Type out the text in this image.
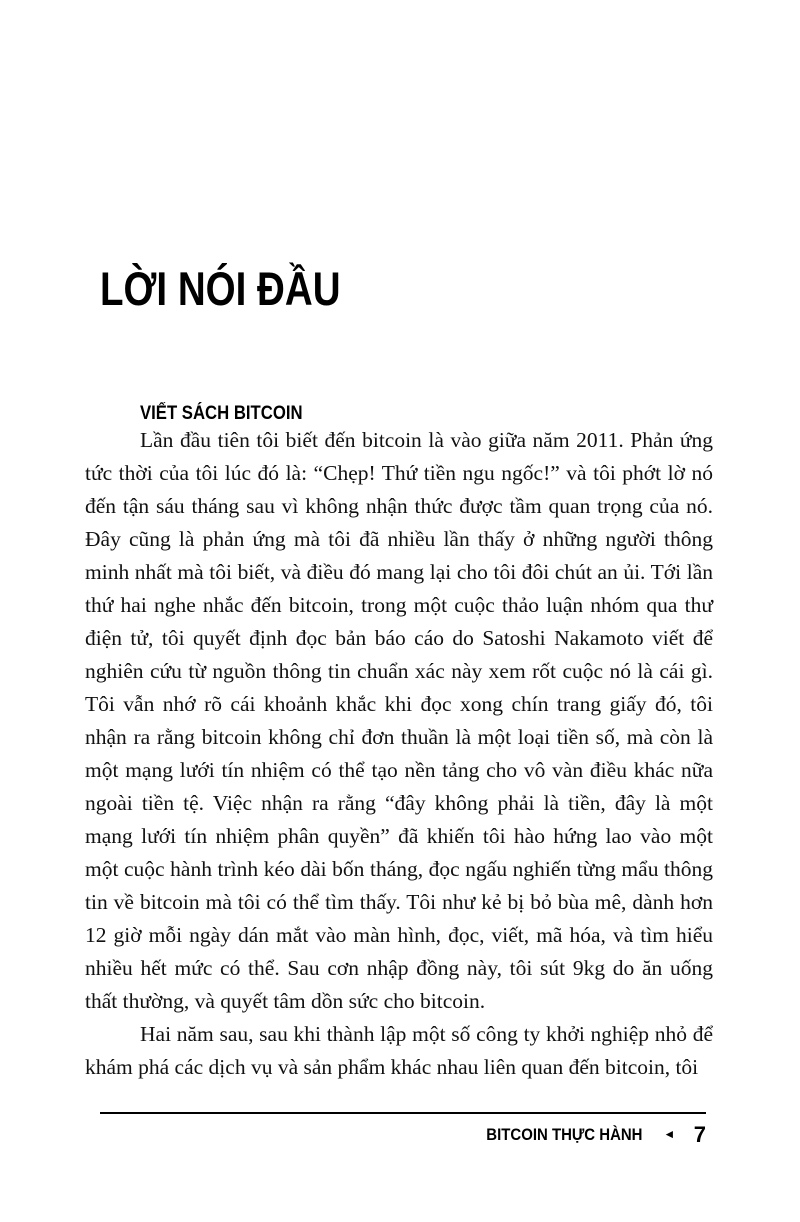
LỜI NÓI ĐẦU
VIẾT SÁCH BITCOIN

Lần đầu tiên tôi biết đến bitcoin là vào giữa năm 2011. Phản ứng tức thời của tôi lúc đó là: “Chẹp! Thứ tiền ngu ngốc!” và tôi phớt lờ nó đến tận sáu tháng sau vì không nhận thức được tầm quan trọng của nó. Đây cũng là phản ứng mà tôi đã nhiều lần thấy ở những người thông minh nhất mà tôi biết, và điều đó mang lại cho tôi đôi chút an ủi. Tới lần thứ hai nghe nhắc đến bitcoin, trong một cuộc thảo luận nhóm qua thư điện tử, tôi quyết định đọc bản báo cáo do Satoshi Nakamoto viết để nghiên cứu từ nguồn thông tin chuẩn xác này xem rốt cuộc nó là cái gì. Tôi vẫn nhớ rõ cái khoảnh khắc khi đọc xong chín trang giấy đó, tôi nhận ra rằng bitcoin không chỉ đơn thuần là một loại tiền số, mà còn là một mạng lưới tín nhiệm có thể tạo nền tảng cho vô vàn điều khác nữa ngoài tiền tệ. Việc nhận ra rằng “đây không phải là tiền, đây là một mạng lưới tín nhiệm phân quyền” đã khiến tôi hào hứng lao vào một một cuộc hành trình kéo dài bốn tháng, đọc ngấu nghiến từng mẩu thông tin về bitcoin mà tôi có thể tìm thấy. Tôi như kẻ bị bỏ bùa mê, dành hơn 12 giờ mỗi ngày dán mắt vào màn hình, đọc, viết, mã hóa, và tìm hiểu nhiều hết mức có thể. Sau cơn nhập đồng này, tôi sút 9kg do ăn uống thất thường, và quyết tâm dồn sức cho bitcoin.

Hai năm sau, sau khi thành lập một số công ty khởi nghiệp nhỏ để khám phá các dịch vụ và sản phẩm khác nhau liên quan đến bitcoin, tôi

BITCOIN THỰC HÀNH ◄ 7
